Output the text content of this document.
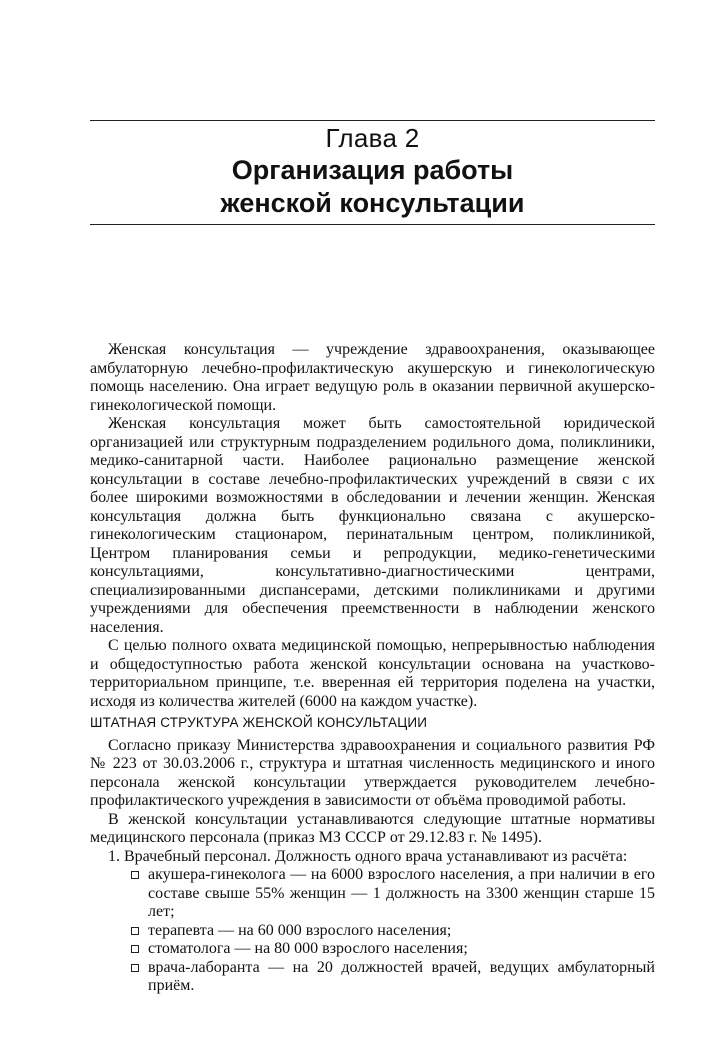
Глава 2
Организация работы
женской консультации

Женская консультация — учреждение здравоохранения, оказывающее амбулаторную лечебно-профилактическую акушерскую и гинекологическую помощь населению. Она играет ведущую роль в оказании первичной акушерско-гинекологической помощи.

Женская консультация может быть самостоятельной юридической организацией или структурным подразделением родильного дома, поликлиники, медико-санитарной части. Наиболее рационально размещение женской консультации в составе лечебно-профилактических учреждений в связи с их более широкими возможностями в обследовании и лечении женщин. Женская консультация должна быть функционально связана с акушерско-гинекологическим стационаром, перинатальным центром, поликлиникой, Центром планирования семьи и репродукции, медико-генетическими консультациями, консультативно-диагностическими центрами, специализированными диспансерами, детскими поликлиниками и другими учреждениями для обеспечения преемственности в наблюдении женского населения.

С целью полного охвата медицинской помощью, непрерывностью наблюдения и общедоступностью работа женской консультации основана на участково-территориальном принципе, т.е. вверенная ей территория поделена на участки, исходя из количества жителей (6000 на каждом участке).

ШТАТНАЯ СТРУКТУРА ЖЕНСКОЙ КОНСУЛЬТАЦИИ

Согласно приказу Министерства здравоохранения и социального развития РФ № 223 от 30.03.2006 г., структура и штатная численность медицинского и иного персонала женской консультации утверждается руководителем лечебно-профилактического учреждения в зависимости от объёма проводимой работы.

В женской консультации устанавливаются следующие штатные нормативы медицинского персонала (приказ МЗ СССР от 29.12.83 г. № 1495).

1. Врачебный персонал. Должность одного врача устанавливают из расчёта:
акушера-гинеколога — на 6000 взрослого населения, а при наличии в его составе свыше 55% женщин — 1 должность на 3300 женщин старше 15 лет;
терапевта — на 60 000 взрослого населения;
стоматолога — на 80 000 взрослого населения;
врача-лаборанта — на 20 должностей врачей, ведущих амбулаторный приём.
